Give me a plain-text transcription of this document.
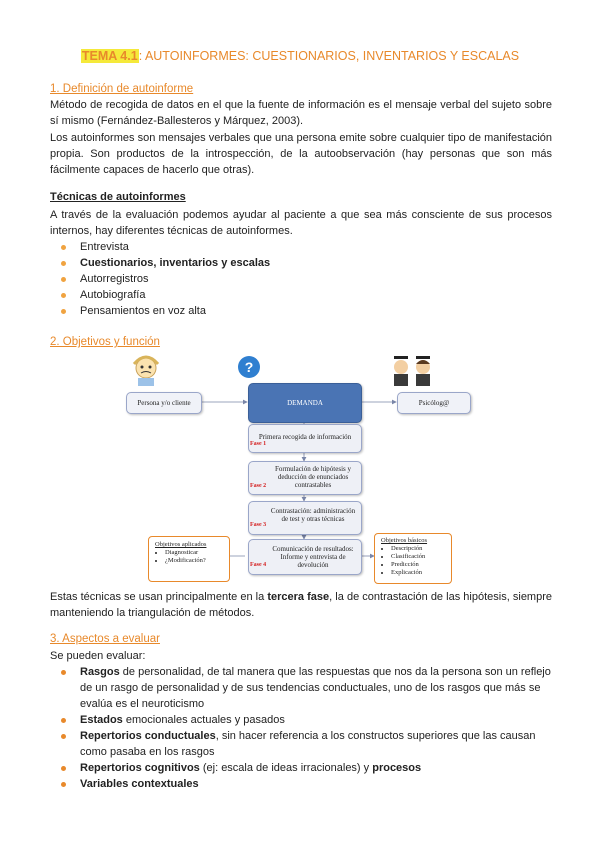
TEMA 4.1: AUTOINFORMES: CUESTIONARIOS, INVENTARIOS Y ESCALAS
1. Definición de autoinforme
Método de recogida de datos en el que la fuente de información es el mensaje verbal del sujeto sobre sí mismo (Fernández-Ballesteros y Márquez, 2003).
Los autoinformes son mensajes verbales que una persona emite sobre cualquier tipo de manifestación propia. Son productos de la introspección, de la autoobservación (hay personas que son más fácilmente capaces de hacerlo que otras).
Técnicas de autoinformes
A través de la evaluación podemos ayudar al paciente a que sea más consciente de sus procesos internos, hay diferentes técnicas de autoinformes.
Entrevista
Cuestionarios, inventarios y escalas
Autorregistros
Autobiografía
Pensamientos en voz alta
2. Objetivos y función
?
Persona y/o cliente	DEMANDA	Psicólog@
Primera recogida de información
Fase 1
Formulación de hipótesis y deducción de enunciados contrastables
Fase 2
Contrastación: administración de test y otras técnicas
Fase 3
Comunicación de resultados: Informe y entrevista de devolución
Fase 4
Objetivos aplicados
• Diagnosticar
• ¿Modificación?
Objetivos básicos
• Descripción
• Clasificación
• Predicción
• Explicación
Estas técnicas se usan principalmente en la tercera fase, la de contrastación de las hipótesis, siempre manteniendo la triangulación de métodos.
3. Aspectos a evaluar
Se pueden evaluar:
Rasgos de personalidad, de tal manera que las respuestas que nos da la persona son un reflejo de un rasgo de personalidad y de sus tendencias conductuales, uno de los rasgos que más se evalúa es el neuroticismo
Estados emocionales actuales y pasados
Repertorios conductuales, sin hacer referencia a los constructos superiores que las causan como pasaba en los rasgos
Repertorios cognitivos (ej: escala de ideas irracionales) y procesos
Variables contextuales
